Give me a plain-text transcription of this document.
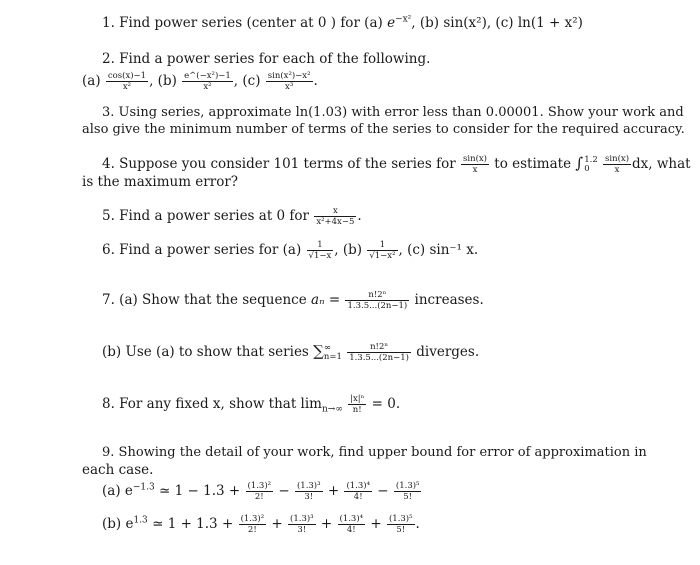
1. Find power series (center at 0 ) for (a) $e^{-x^2}$, (b) sin(x²), (c) ln(1 + x²)
2. Find a power series for each of the following.
$(a) \frac{\cos(x)-1}{\text{x²}}$ , $(b) \frac{\text{e\textasciicircum{}(−x²)−1}}{\text{x²}}$ , $(c) \frac{\text{sin(x²)−x²}}{\text{x³}}$ .
3. Using series, approximate ln(1.03) with error less than 0.00001. Show your work and
also give the minimum number of terms of the series to consider for the required accuracy.
4. Suppose you consider 101 terms of the series for $\frac{\sin(x)}{x}$ to estimate ∫ 1.2
0
	$\frac{\sin(x)}{x}$ dx, what
is the maximum error?
5. Find a power series at 0 for $\frac{x}{\text{x²+4x−5}}$ .
6. Find a power series for $(a) \frac{1}{√1-x}$ , $(b) \frac{1}{\text{√1−x²}}$ , (c) sin⁻¹ x.
7. (a) Show that the sequence $a_n = \frac{\text{n!2ⁿ}}{1.3.5...(2n-1)}$ increases.
(b) Use (a) to show that series ∑ ∞
n=1
$\frac{\text{n!2ⁿ}}{1.3.5...(2n-1)}$ diverges.
8. For any fixed x, show that $\lim_{n\to\infty} \frac{\text{|x|ⁿ}}{n!} = 0$.
9. Showing the detail of your work, find upper bound for error of approximation in
each case.
(a) $e^{-1.3}$ ≃ $1 - 1.3 + \frac{\text{(1.3)²}}{2!} - \frac{\text{(1.3)³}}{3!} + \frac{\text{(1.3)⁴}}{4!} - \frac{\text{(1.3)⁵}}{5!}$
(b) $e^{1.3}$ ≃ $1 + 1.3 + \frac{\text{(1.3)²}}{2!} + \frac{\text{(1.3)³}}{3!} + \frac{\text{(1.3)⁴}}{4!} + \frac{\text{(1.3)⁵}}{5!}$ .
